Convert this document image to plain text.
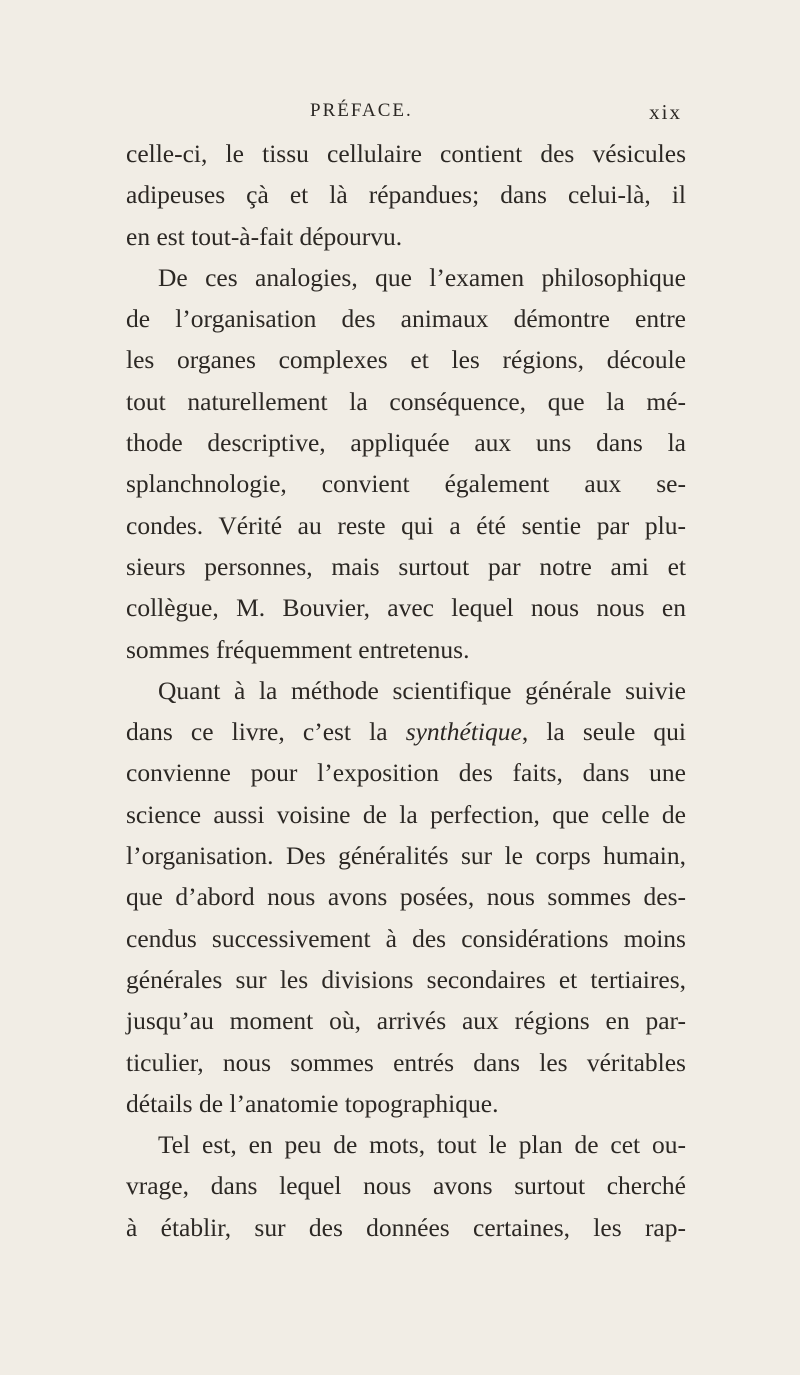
PRÉFACE.	xix
celle-ci, le tissu cellulaire contient des vésicules
adipeuses çà et là répandues; dans celui-là, il
en est tout-à-fait dépourvu.
De ces analogies, que l’examen philosophique
de l’organisation des animaux démontre entre
les organes complexes et les régions, découle
tout naturellement la conséquence, que la mé-
thode descriptive, appliquée aux uns dans la
splanchnologie, convient également aux se-
condes. Vérité au reste qui a été sentie par plu-
sieurs personnes, mais surtout par notre ami et
collègue, M. Bouvier, avec lequel nous nous en
sommes fréquemment entretenus.
Quant à la méthode scientifique générale suivie
dans ce livre, c’est la synthétique, la seule qui
convienne pour l’exposition des faits, dans une
science aussi voisine de la perfection, que celle de
l’organisation. Des généralités sur le corps humain,
que d’abord nous avons posées, nous sommes des-
cendus successivement à des considérations moins
générales sur les divisions secondaires et tertiaires,
jusqu’au moment où, arrivés aux régions en par-
ticulier, nous sommes entrés dans les véritables
détails de l’anatomie topographique.
Tel est, en peu de mots, tout le plan de cet ou-
vrage, dans lequel nous avons surtout cherché
à établir, sur des données certaines, les rap-
